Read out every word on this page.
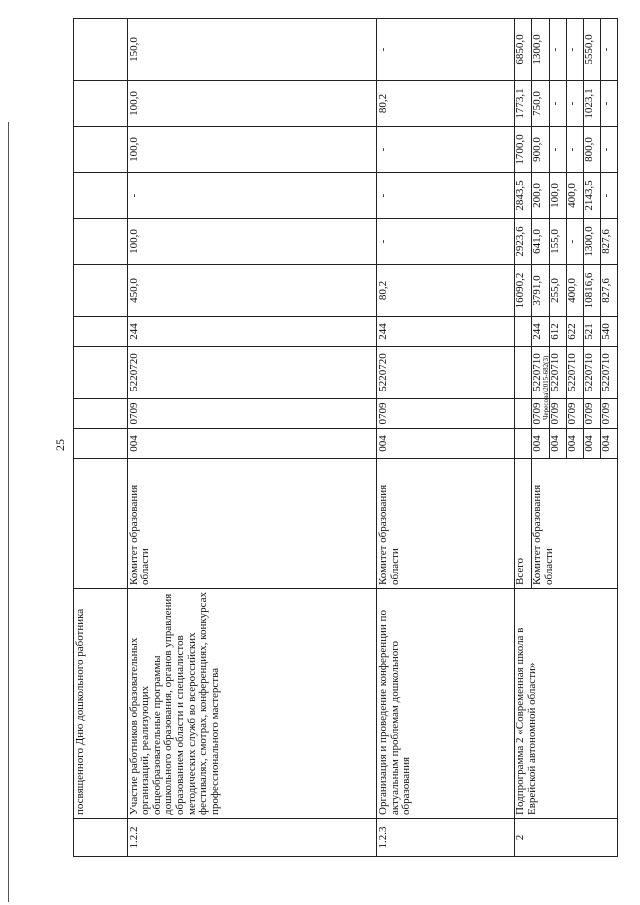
25
Чересова\2015-682(3)
	посвященного Дню дошкольного работника											
1.2.2	Участие работников образовательных организаций, реализующих общеобразовательные программы дошкольного образования, органов управления образованием области и специалистов методических служб во всероссийских фестивалях, смотрах, конференциях, конкурсах профессионального мастерства	Комитет образования области	004	0709	5220720	244	450,0	100,0	-	100,0	100,0	150,0
1.2.3	Организация и проведение конференции по актуальным проблемам дошкольного образования	Комитет образования области	004	0709	5220720	244	80,2	-	-	-	80,2	-
2	Подпрограмма 2 «Современная школа в Еврейской автономной области»	Всего					16090,2	2923,6	2843,5	1700,0	1773,1	6850,0
		Комитет образования области	004	0709	5220710	244	3791,0	641,0	200,0	900,0	750,0	1300,0
			004	0709	5220710	612	255,0	155,0	100,0	-	-	-
			004	0709	5220710	622	400,0	-	400,0	-	-	-
			004	0709	5220710	521	10816,6	1300,0	2143,5	800,0	1023,1	5550,0
			004	0709	5220710	540	827,6	827,6	-	-	-	-
